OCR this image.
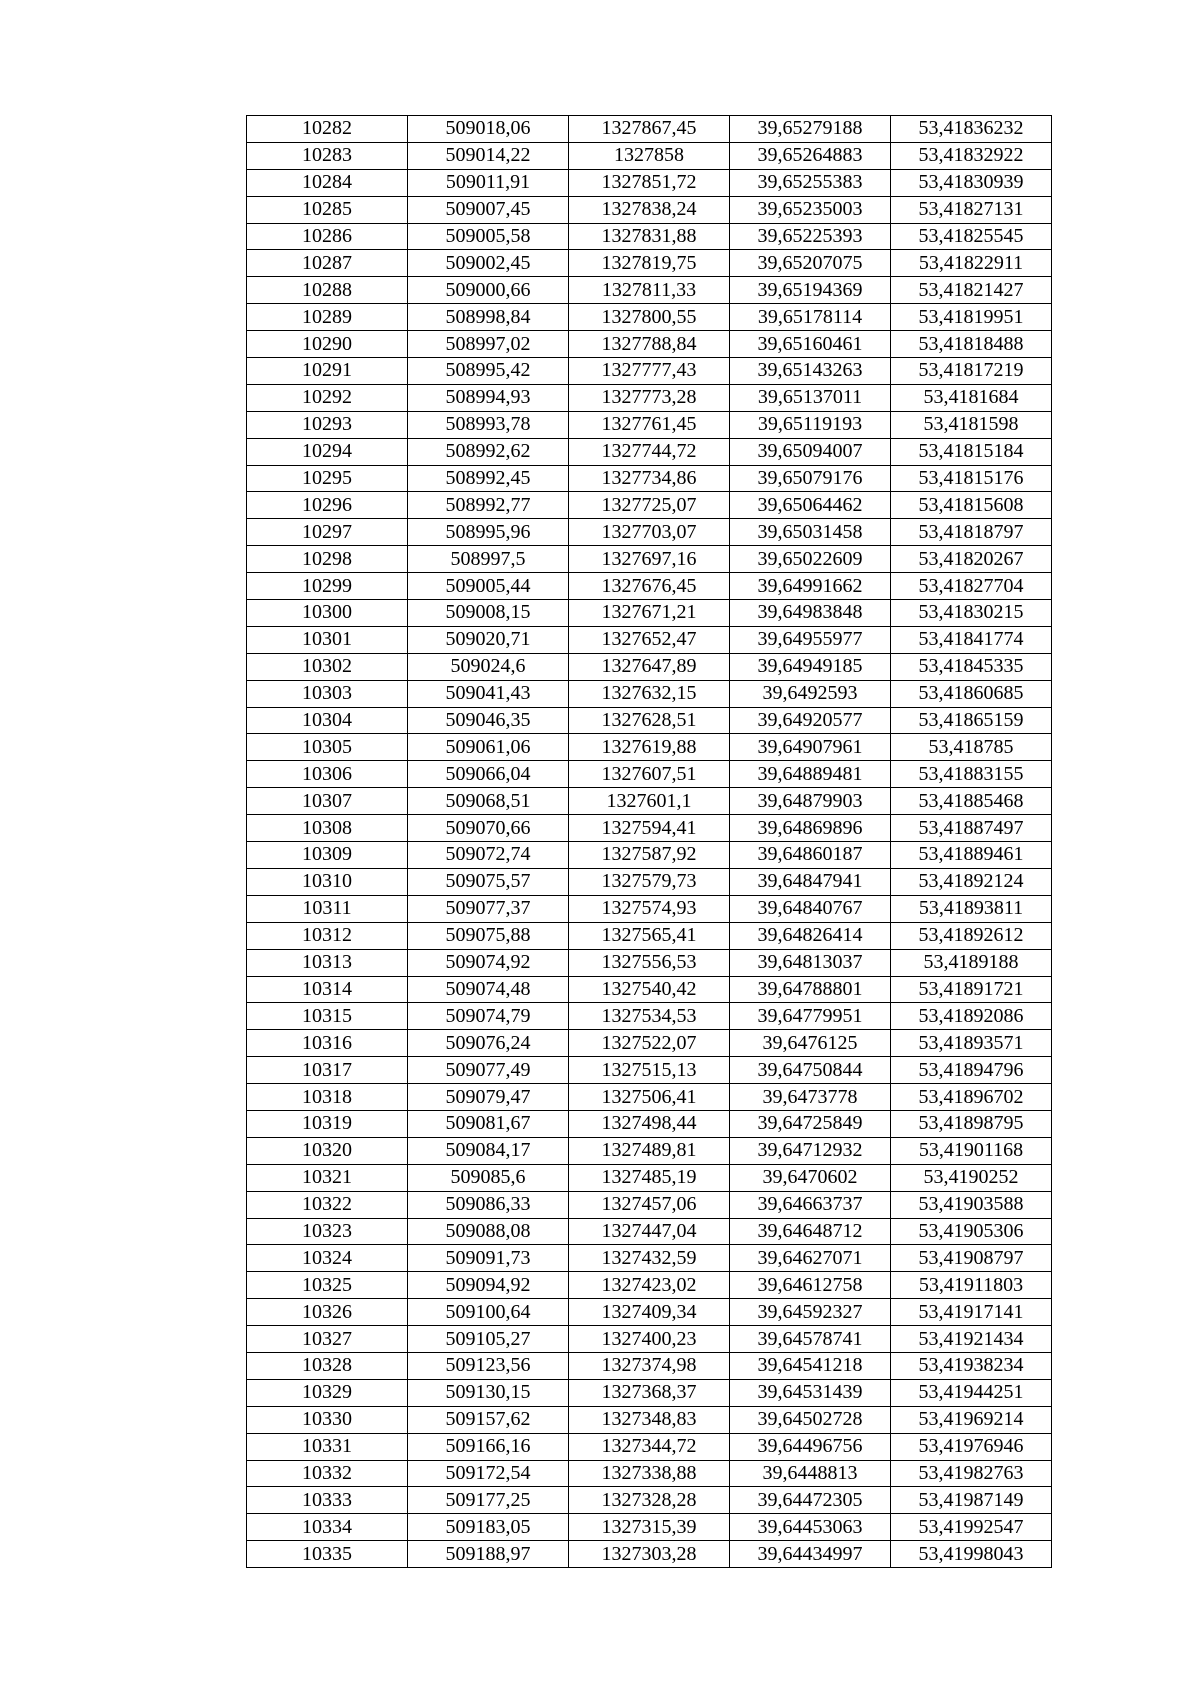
10282	509018,06	1327867,45	39,65279188	53,41836232
10283	509014,22	1327858	39,65264883	53,41832922
10284	509011,91	1327851,72	39,65255383	53,41830939
10285	509007,45	1327838,24	39,65235003	53,41827131
10286	509005,58	1327831,88	39,65225393	53,41825545
10287	509002,45	1327819,75	39,65207075	53,41822911
10288	509000,66	1327811,33	39,65194369	53,41821427
10289	508998,84	1327800,55	39,65178114	53,41819951
10290	508997,02	1327788,84	39,65160461	53,41818488
10291	508995,42	1327777,43	39,65143263	53,41817219
10292	508994,93	1327773,28	39,65137011	53,4181684
10293	508993,78	1327761,45	39,65119193	53,4181598
10294	508992,62	1327744,72	39,65094007	53,41815184
10295	508992,45	1327734,86	39,65079176	53,41815176
10296	508992,77	1327725,07	39,65064462	53,41815608
10297	508995,96	1327703,07	39,65031458	53,41818797
10298	508997,5	1327697,16	39,65022609	53,41820267
10299	509005,44	1327676,45	39,64991662	53,41827704
10300	509008,15	1327671,21	39,64983848	53,41830215
10301	509020,71	1327652,47	39,64955977	53,41841774
10302	509024,6	1327647,89	39,64949185	53,41845335
10303	509041,43	1327632,15	39,6492593	53,41860685
10304	509046,35	1327628,51	39,64920577	53,41865159
10305	509061,06	1327619,88	39,64907961	53,418785
10306	509066,04	1327607,51	39,64889481	53,41883155
10307	509068,51	1327601,1	39,64879903	53,41885468
10308	509070,66	1327594,41	39,64869896	53,41887497
10309	509072,74	1327587,92	39,64860187	53,41889461
10310	509075,57	1327579,73	39,64847941	53,41892124
10311	509077,37	1327574,93	39,64840767	53,41893811
10312	509075,88	1327565,41	39,64826414	53,41892612
10313	509074,92	1327556,53	39,64813037	53,4189188
10314	509074,48	1327540,42	39,64788801	53,41891721
10315	509074,79	1327534,53	39,64779951	53,41892086
10316	509076,24	1327522,07	39,6476125	53,41893571
10317	509077,49	1327515,13	39,64750844	53,41894796
10318	509079,47	1327506,41	39,6473778	53,41896702
10319	509081,67	1327498,44	39,64725849	53,41898795
10320	509084,17	1327489,81	39,64712932	53,41901168
10321	509085,6	1327485,19	39,6470602	53,4190252
10322	509086,33	1327457,06	39,64663737	53,41903588
10323	509088,08	1327447,04	39,64648712	53,41905306
10324	509091,73	1327432,59	39,64627071	53,41908797
10325	509094,92	1327423,02	39,64612758	53,41911803
10326	509100,64	1327409,34	39,64592327	53,41917141
10327	509105,27	1327400,23	39,64578741	53,41921434
10328	509123,56	1327374,98	39,64541218	53,41938234
10329	509130,15	1327368,37	39,64531439	53,41944251
10330	509157,62	1327348,83	39,64502728	53,41969214
10331	509166,16	1327344,72	39,64496756	53,41976946
10332	509172,54	1327338,88	39,6448813	53,41982763
10333	509177,25	1327328,28	39,64472305	53,41987149
10334	509183,05	1327315,39	39,64453063	53,41992547
10335	509188,97	1327303,28	39,64434997	53,41998043
